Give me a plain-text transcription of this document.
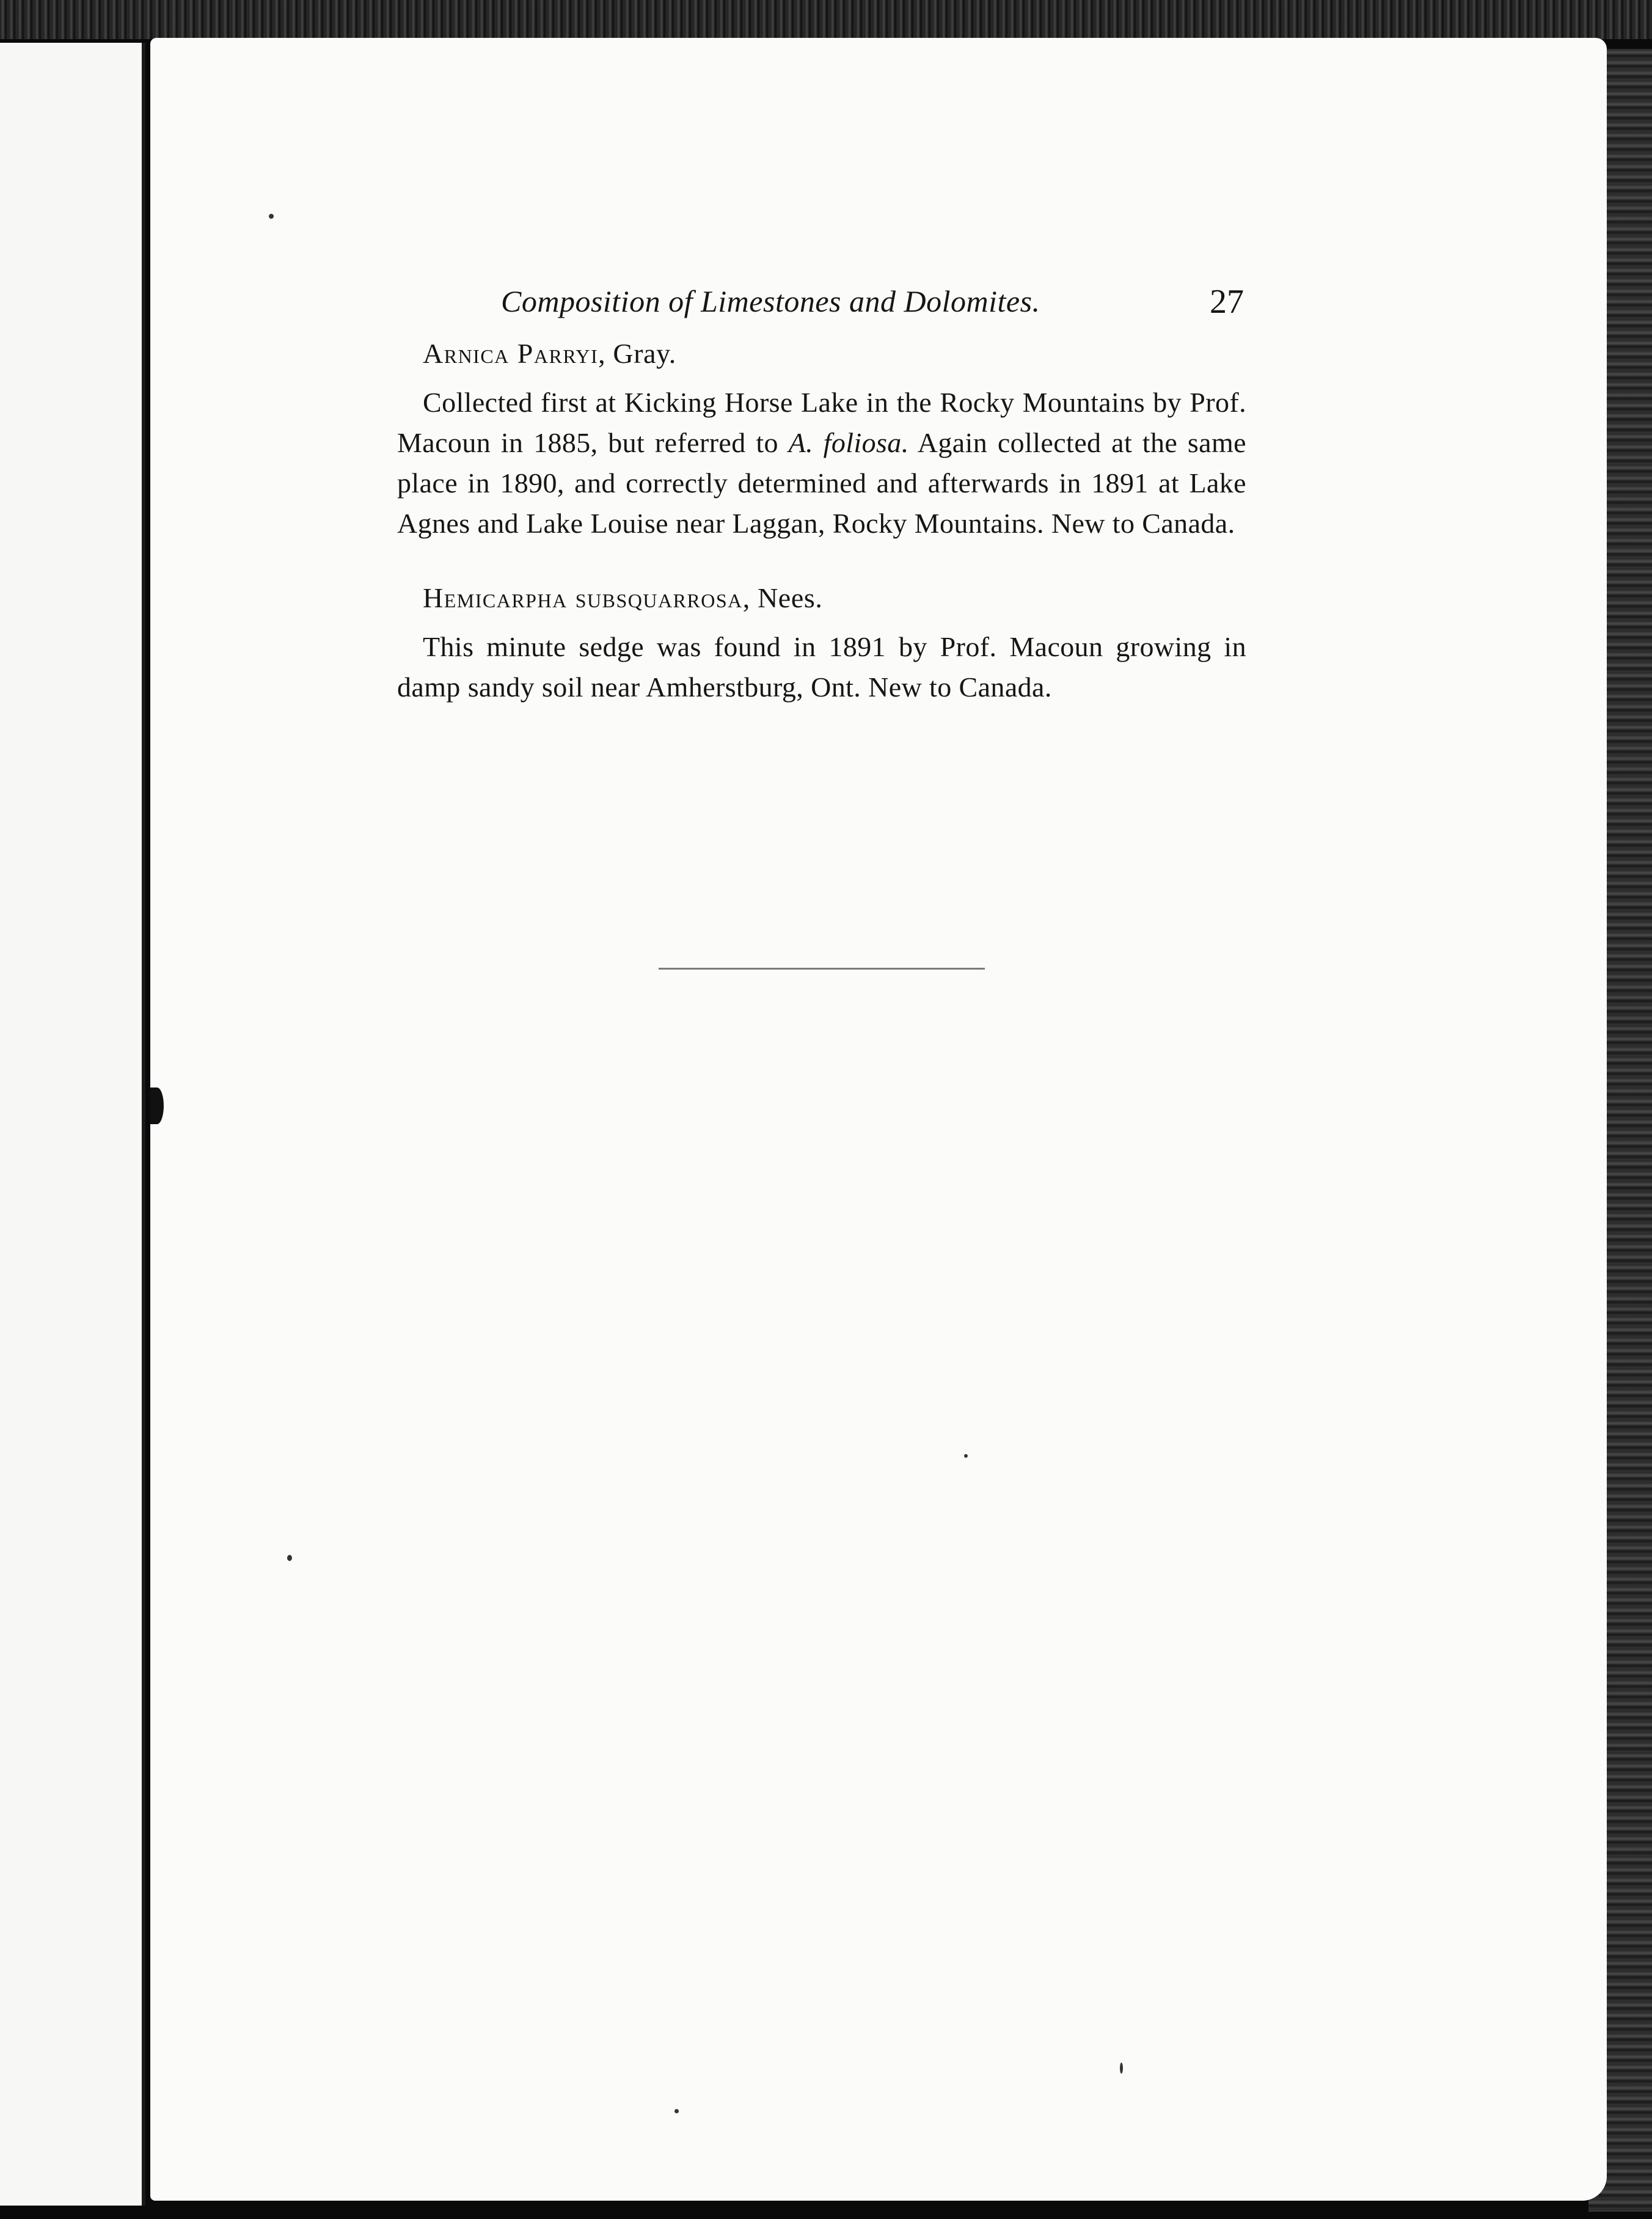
Composition of Limestones and Dolomites.	27
Arnica Parryi, Gray.

Collected first at Kicking Horse Lake in the Rocky Mountains by Prof. Macoun in 1885, but referred to A. foliosa. Again collected at the same place in 1890, and correctly determined and afterwards in 1891 at Lake Agnes and Lake Louise near Laggan, Rocky Mountains. New to Canada.

Hemicarpha subsquarrosa, Nees.

This minute sedge was found in 1891 by Prof. Macoun growing in damp sandy soil near Amherstburg, Ont. New to Canada.
